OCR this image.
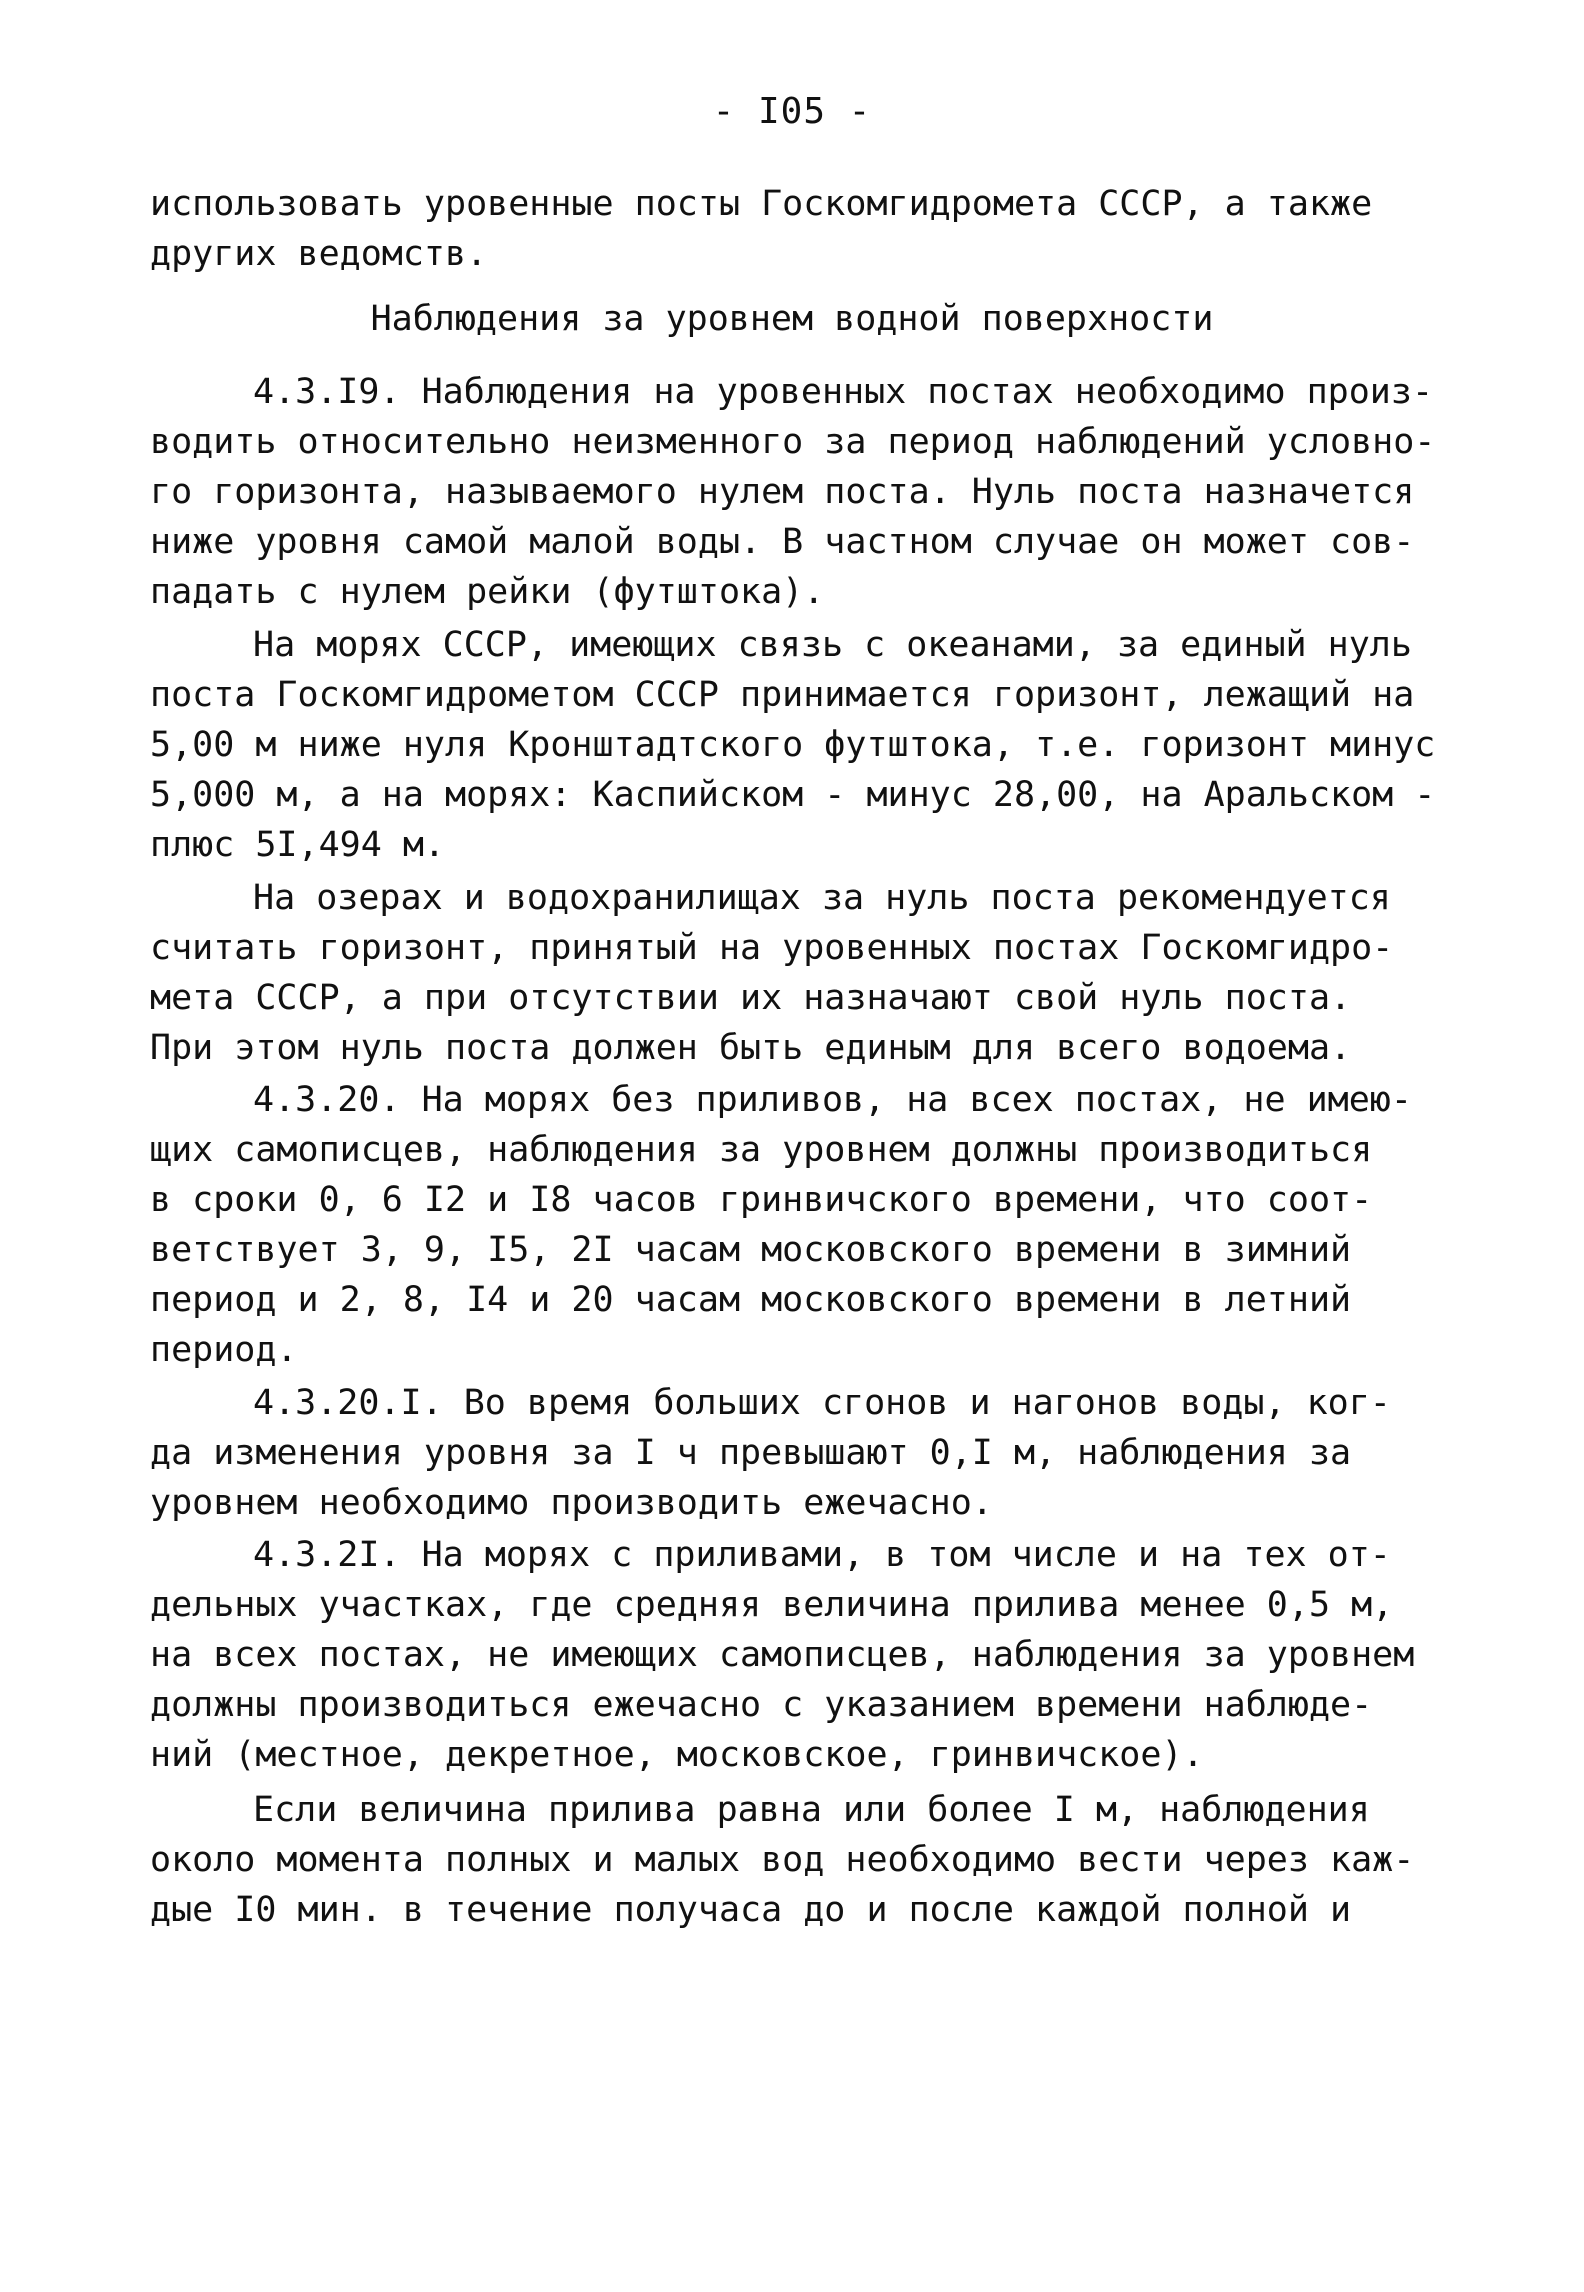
- I05 -
использовать уровенные посты Госкомгидромета СССР, а также
других ведомств.
Наблюдения за уровнем водной поверхности
4.3.I9. Наблюдения на уровенных постах необходимо произ-
водить относительно неизменного за период наблюдений условно-
го горизонта, называемого нулем поста. Нуль поста назначется
ниже уровня самой малой воды. В частном случае он может сов-
падать с нулем рейки (футштока).
На морях СССР, имеющих связь с океанами, за единый нуль
поста Госкомгидрометом СССР принимается горизонт, лежащий на
5,00 м ниже нуля Кронштадтского футштока, т.е. горизонт минус
5,000 м, а на морях: Каспийском - минус 28,00, на Аральском -
плюс 5I,494 м.
На озерах и водохранилищах за нуль поста рекомендуется
считать горизонт, принятый на уровенных постах Госкомгидро-
мета СССР, а при отсутствии их назначают свой нуль поста.
При этом нуль поста должен быть единым для всего водоема.
4.3.20. На морях без приливов, на всех постах, не имею-
щих самописцев, наблюдения за уровнем должны производиться
в сроки 0, 6 I2 и I8 часов гринвичского времени, что соот-
ветствует 3, 9, I5, 2I часам московского времени в зимний
период и 2, 8, I4 и 20 часам московского времени в летний
период.
4.3.20.I. Во время больших сгонов и нагонов воды, ког-
да изменения уровня за I ч превышают 0,I м, наблюдения за
уровнем необходимо производить ежечасно.
4.3.2I. На морях с приливами, в том числе и на тех от-
дельных участках, где средняя величина прилива менее 0,5 м,
на всех постах, не имеющих самописцев, наблюдения за уровнем
должны производиться ежечасно с указанием времени наблюде-
ний (местное, декретное, московское, гринвичское).
Если величина прилива равна или более I м, наблюдения
около момента полных и малых вод необходимо вести через каж-
дые I0 мин. в течение получаса до и после каждой полной и
